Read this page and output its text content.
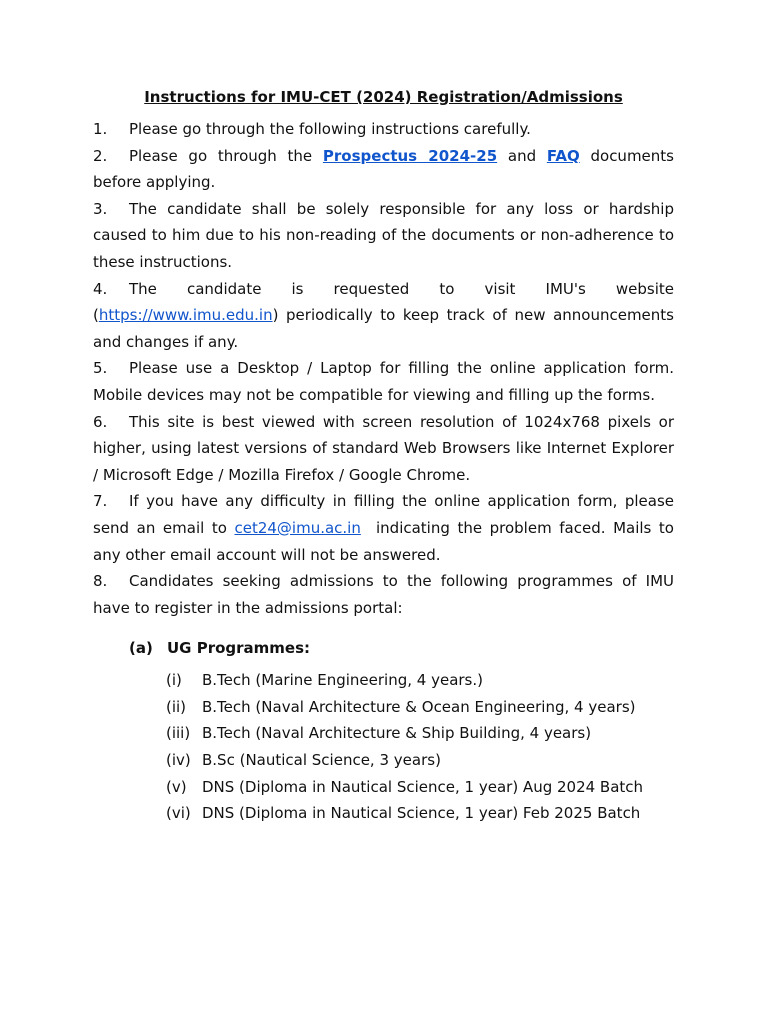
Instructions for IMU-CET (2024) Registration/Admissions

1. Please go through the following instructions carefully.

2. Please go through the Prospectus 2024-25 and FAQ documents before applying.

3. The candidate shall be solely responsible for any loss or hardship caused to him due to his non-reading of the documents or non-adherence to these instructions.

4. The candidate is requested to visit IMU's website (https://www.imu.edu.in) periodically to keep track of new announcements and changes if any.

5. Please use a Desktop / Laptop for filling the online application form. Mobile devices may not be compatible for viewing and filling up the forms.

6. This site is best viewed with screen resolution of 1024x768 pixels or higher, using latest versions of standard Web Browsers like Internet Explorer / Microsoft Edge / Mozilla Firefox / Google Chrome.

7. If you have any difficulty in filling the online application form, please send an email to cet24@imu.ac.in  indicating the problem faced. Mails to any other email account will not be answered.

8. Candidates seeking admissions to the following programmes of IMU have to register in the admissions portal:

(a) UG Programmes:

(i) B.Tech (Marine Engineering, 4 years.)

(ii) B.Tech (Naval Architecture & Ocean Engineering, 4 years)

(iii) B.Tech (Naval Architecture & Ship Building, 4 years)

(iv) B.Sc (Nautical Science, 3 years)

(v) DNS (Diploma in Nautical Science, 1 year) Aug 2024 Batch

(vi) DNS (Diploma in Nautical Science, 1 year) Feb 2025 Batch
